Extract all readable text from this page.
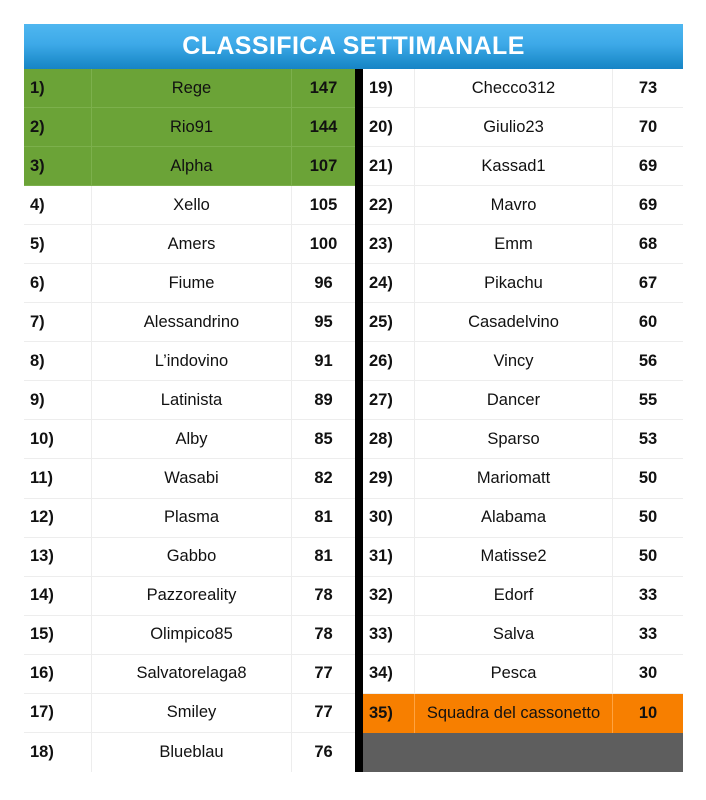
CLASSIFICA SETTIMANALE
1)	Rege	147
2)	Rio91	144
3)	Alpha	107
4)	Xello	105
5)	Amers	100
6)	Fiume	96
7)	Alessandrino	95
8)	L’indovino	91
9)	Latinista	89
10)	Alby	85
11)	Wasabi	82
12)	Plasma	81
13)	Gabbo	81
14)	Pazzoreality	78
15)	Olimpico85	78
16)	Salvatorelaga8	77
17)	Smiley	77
18)	Blueblau	76
19)	Checco312	73
20)	Giulio23	70
21)	Kassad1	69
22)	Mavro	69
23)	Emm	68
24)	Pikachu	67
25)	Casadelvino	60
26)	Vincy	56
27)	Dancer	55
28)	Sparso	53
29)	Mariomatt	50
30)	Alabama	50
31)	Matisse2	50
32)	Edorf	33
33)	Salva	33
34)	Pesca	30
35)	Squadra del cassonetto	10
